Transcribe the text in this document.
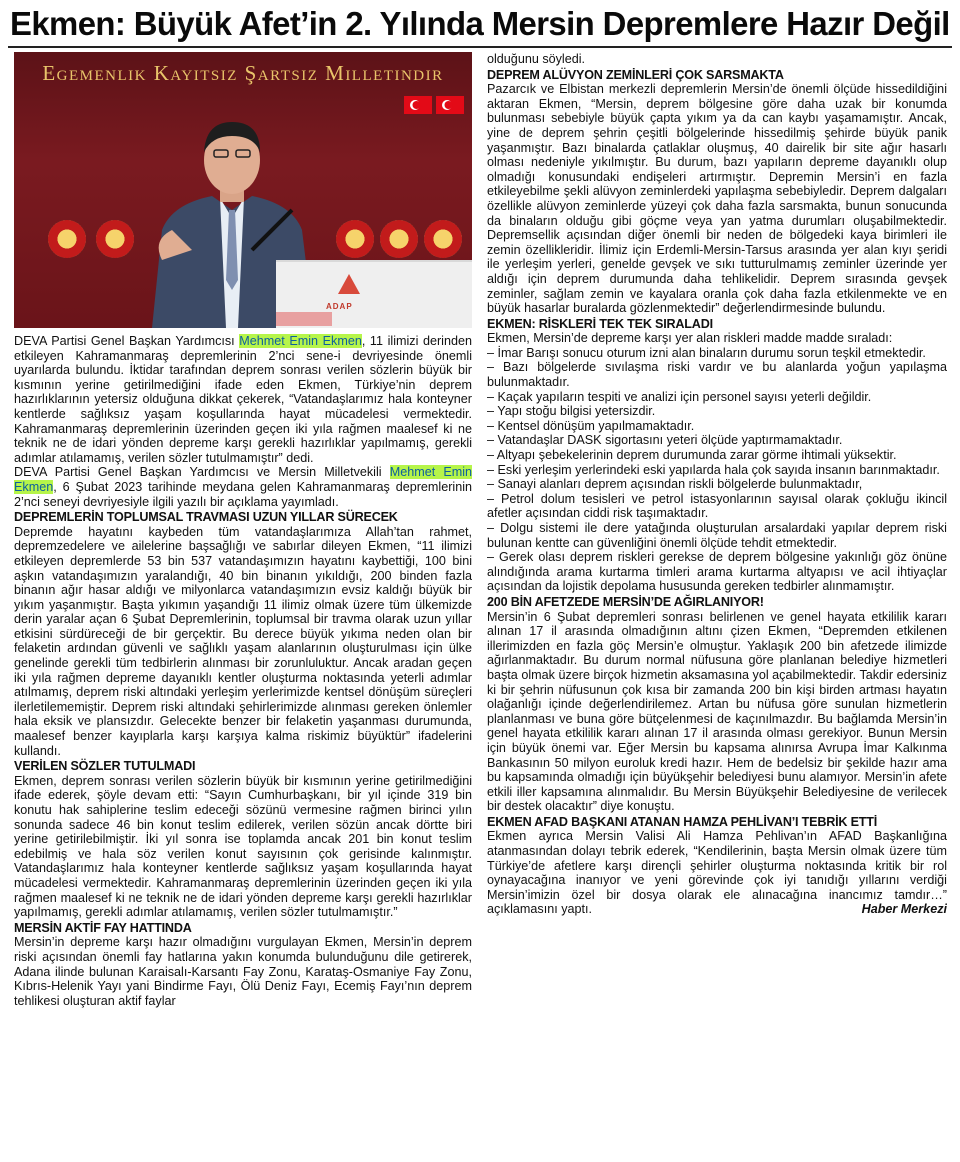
Ekmen: Büyük Afet’in 2. Yılında Mersin Depremlere Hazır Değil
Egemenlik Kayıtsız Şartsız Milletindir
ADAP

DEVA Partisi Genel Başkan Yardımcısı Mehmet Emin Ekmen, 11 ilimizi derinden etkileyen Kahramanmaraş depremlerinin 2’nci sene-i devriyesinde önemli uyarılarda bulundu. İktidar tarafından deprem sonrası verilen sözlerin büyük bir kısmının yerine getirilmediğini ifade eden Ekmen, Türkiye’nin deprem hazırlıklarının yetersiz olduğuna dikkat çekerek, “Vatandaşlarımız hala konteyner kentlerde sağlıksız yaşam koşullarında hayat mücadelesi vermektedir. Kahramanmaraş depremlerinin üzerinden geçen iki yıla rağmen maalesef ki ne teknik ne de idari yönden depreme karşı gerekli hazırlıklar yapılmamış, gerekli adımlar atılamamış, verilen sözler tutulmamıştır” dedi.

DEVA Partisi Genel Başkan Yardımcısı ve Mersin Milletvekili Mehmet Emin Ekmen, 6 Şubat 2023 tarihinde meydana gelen Kahramanmaraş depremlerinin 2’nci seneyi devriyesiyle ilgili yazılı bir açıklama yayımladı.

DEPREMLERİN TOPLUMSAL TRAVMASI UZUN YILLAR SÜRECEK

Depremde hayatını kaybeden tüm vatandaşlarımıza Allah’tan rahmet, depremzedelere ve ailelerine başsağlığı ve sabırlar dileyen Ekmen, “11 ilimizi etkileyen depremlerde 53 bin 537 vatandaşımızın hayatını kaybettiği, 100 bini aşkın vatandaşımızın yaralandığı, 40 bin binanın yıkıldığı, 200 binden fazla binanın ağır hasar aldığı ve milyonlarca vatandaşımızın evsiz kaldığı büyük bir yıkım yaşanmıştır. Başta yıkımın yaşandığı 11 ilimiz olmak üzere tüm ülkemizde derin yaralar açan 6 Şubat Depremlerinin, toplumsal bir travma olarak uzun yıllar etkisini sürdüreceği de bir gerçektir. Bu derece büyük yıkıma neden olan bir felaketin ardından güvenli ve sağlıklı yaşam alanlarının oluşturulması için ülke genelinde gerekli tüm tedbirlerin alınması bir zorunluluktur. Ancak aradan geçen iki yıla rağmen depreme dayanıklı kentler oluşturma noktasında yeterli adımlar atılmamış, deprem riski altındaki yerleşim yerlerimizde kentsel dönüşüm süreçleri ilerletilememiştir. Deprem riski altındaki şehirlerimizde alınması gereken önlemler hala eksik ve plansızdır. Gelecekte benzer bir felaketin yaşanması durumunda, maalesef benzer kayıplarla karşı karşıya kalma riskimiz büyüktür” ifadelerini kullandı.

VERİLEN SÖZLER TUTULMADI

Ekmen, deprem sonrası verilen sözlerin büyük bir kısmının yerine getirilmediğini ifade ederek, şöyle devam etti: “Sayın Cumhurbaşkanı, bir yıl içinde 319 bin konutu hak sahiplerine teslim edeceği sözünü vermesine rağmen birinci yılın sonunda sadece 46 bin konut teslim edilerek, verilen sözün ancak dörtte biri yerine getirilebilmiştir. İki yıl sonra ise toplamda ancak 201 bin konut teslim edebilmiş ve hala söz verilen konut sayısının çok gerisinde kalınmıştır. Vatandaşlarımız hala konteyner kentlerde sağlıksız yaşam koşullarında hayat mücadelesi vermektedir. Kahramanmaraş depremlerinin üzerinden geçen iki yıla rağmen maalesef ki ne teknik ne de idari yönden depreme karşı gerekli hazırlıklar yapılmamış, gerekli adımlar atılamamış, verilen sözler tutulmamıştır.”

MERSİN AKTİF FAY HATTINDA

Mersin’in depreme karşı hazır olmadığını vurgulayan Ekmen, Mersin’in deprem riski açısından önemli fay hatlarına yakın konumda bulunduğunu dile getirerek, Adana ilinde bulunan Karaisalı-Karsantı Fay Zonu, Karataş-Osmaniye Fay Zonu, Kıbrıs-Helenik Yayı yani Bindirme Fayı, Ölü Deniz Fayı, Ecemiş Fayı’nın deprem tehlikesi oluşturan aktif faylar

olduğunu söyledi.

DEPREM ALÜVYON ZEMİNLERİ ÇOK SARSMAKTA

Pazarcık ve Elbistan merkezli depremlerin Mersin’de önemli ölçüde hissedildiğini aktaran Ekmen, “Mersin, deprem bölgesine göre daha uzak bir konumda bulunması sebebiyle büyük çapta yıkım ya da can kaybı yaşamamıştır. Ancak, yine de deprem şehrin çeşitli bölgelerinde hissedilmiş şehirde büyük panik yaşanmıştır. Bazı binalarda çatlaklar oluşmuş, 40 dairelik bir site ağır hasarlı olması nedeniyle yıkılmıştır. Bu durum, bazı yapıların depreme dayanıklı olup olmadığı konusundaki endişeleri artırmıştır. Depremin Mersin’i en fazla etkileyebilme şekli alüvyon zeminlerdeki yapılaşma sebebiyledir. Deprem dalgaları özellikle alüvyon zeminlerde yüzeyi çok daha fazla sarsmakta, bunun sonucunda da binaların olduğu gibi göçme veya yan yatma durumları oluşabilmektedir. Depremsellik açısından diğer önemli bir neden de bölgedeki kaya birimleri ile zemin özellikleridir. İlimiz için Erdemli-Mersin-Tarsus arasında yer alan kıyı şeridi ile yerleşim yerleri, genelde gevşek ve sıkı tutturulmamış zeminler üzerinde yer aldığı için deprem durumunda daha tehlikelidir. Deprem sırasında gevşek zeminler, sağlam zemin ve kayalara oranla çok daha fazla etkilenmekte ve en büyük hasarlar buralarda gözlenmektedir” değerlendirmesinde bulundu.

EKMEN: RİSKLERİ TEK TEK SIRALADI

Ekmen, Mersin’de depreme karşı yer alan riskleri madde madde sıraladı:

– İmar Barışı sonucu oturum izni alan binaların durumu sorun teşkil etmektedir.

– Bazı bölgelerde sıvılaşma riski vardır ve bu alanlarda yoğun yapılaşma bulunmaktadır.

– Kaçak yapıların tespiti ve analizi için personel sayısı yeterli değildir.

– Yapı stoğu bilgisi yetersizdir.

– Kentsel dönüşüm yapılmamaktadır.

– Vatandaşlar DASK sigortasını yeteri ölçüde yaptırmamaktadır.

– Altyapı şebekelerinin deprem durumunda zarar görme ihtimali yüksektir.

– Eski yerleşim yerlerindeki eski yapılarda hala çok sayıda insanın barınmaktadır.

– Sanayi alanları deprem açısından riskli bölgelerde bulunmaktadır,

– Petrol dolum tesisleri ve petrol istasyonlarının sayısal olarak çokluğu ikincil afetler açısından ciddi risk taşımaktadır.

– Dolgu sistemi ile dere yatağında oluşturulan arsalardaki yapılar deprem riski bulunan kentte can güvenliğini önemli ölçüde tehdit etmektedir.

– Gerek olası deprem riskleri gerekse de deprem bölgesine yakınlığı göz önüne alındığında arama kurtarma timleri arama kurtarma altyapısı ve acil ihtiyaçlar açısından da lojistik depolama hususunda gereken tedbirler alınmamıştır.

200 BİN AFETZEDE MERSİN’DE AĞIRLANIYOR!

Mersin’in 6 Şubat depremleri sonrası belirlenen ve genel hayata etkililik kararı alınan 17 il arasında olmadığının altını çizen Ekmen, “Depremden etkilenen illerimizden en fazla göç Mersin’e olmuştur. Yaklaşık 200 bin afetzede ilimizde ağırlanmaktadır. Bu durum normal nüfusuna göre planlanan belediye hizmetleri başta olmak üzere birçok hizmetin aksamasına yol açabilmektedir. Takdir edersiniz ki bir şehrin nüfusunun çok kısa bir zamanda 200 bin kişi birden artması hayatın olağanlığı içinde değerlendirilemez. Artan bu nüfusa göre sunulan hizmetlerin planlanması ve buna göre bütçelenmesi de kaçınılmazdır. Bu bağlamda Mersin’in genel hayata etkililik kararı alınan 17 il arasında olması gerekiyor. Bunun Mersin için büyük önemi var. Eğer Mersin bu kapsama alınırsa Avrupa İmar Kalkınma Bankasının 50 milyon euroluk kredi hazır. Hem de bedelsiz bir şekilde hazır ama bu kapsamında olmadığı için büyükşehir belediyesi bunu alamıyor. Mersin’in afete etkili iller kapsamına alınmalıdır. Bu Mersin Büyükşehir Belediyesine de verilecek bir destek olacaktır” diye konuştu.

EKMEN AFAD BAŞKANI ATANAN HAMZA PEHLİVAN’I TEBRİK ETTİ

Ekmen ayrıca Mersin Valisi Ali Hamza Pehlivan’ın AFAD Başkanlığına atanmasından dolayı tebrik ederek, “Kendilerinin, başta Mersin olmak üzere tüm Türkiye’de afetlere karşı dirençli şehirler oluşturma noktasında kritik bir rol oynayacağına inanıyor ve yeni görevinde çok iyi tanıdığı yıllarını verdiği Mersin’imizin özel bir dosya olarak ele alınacağına inancımız tamdır…” açıklamasını yaptı.	Haber Merkezi
